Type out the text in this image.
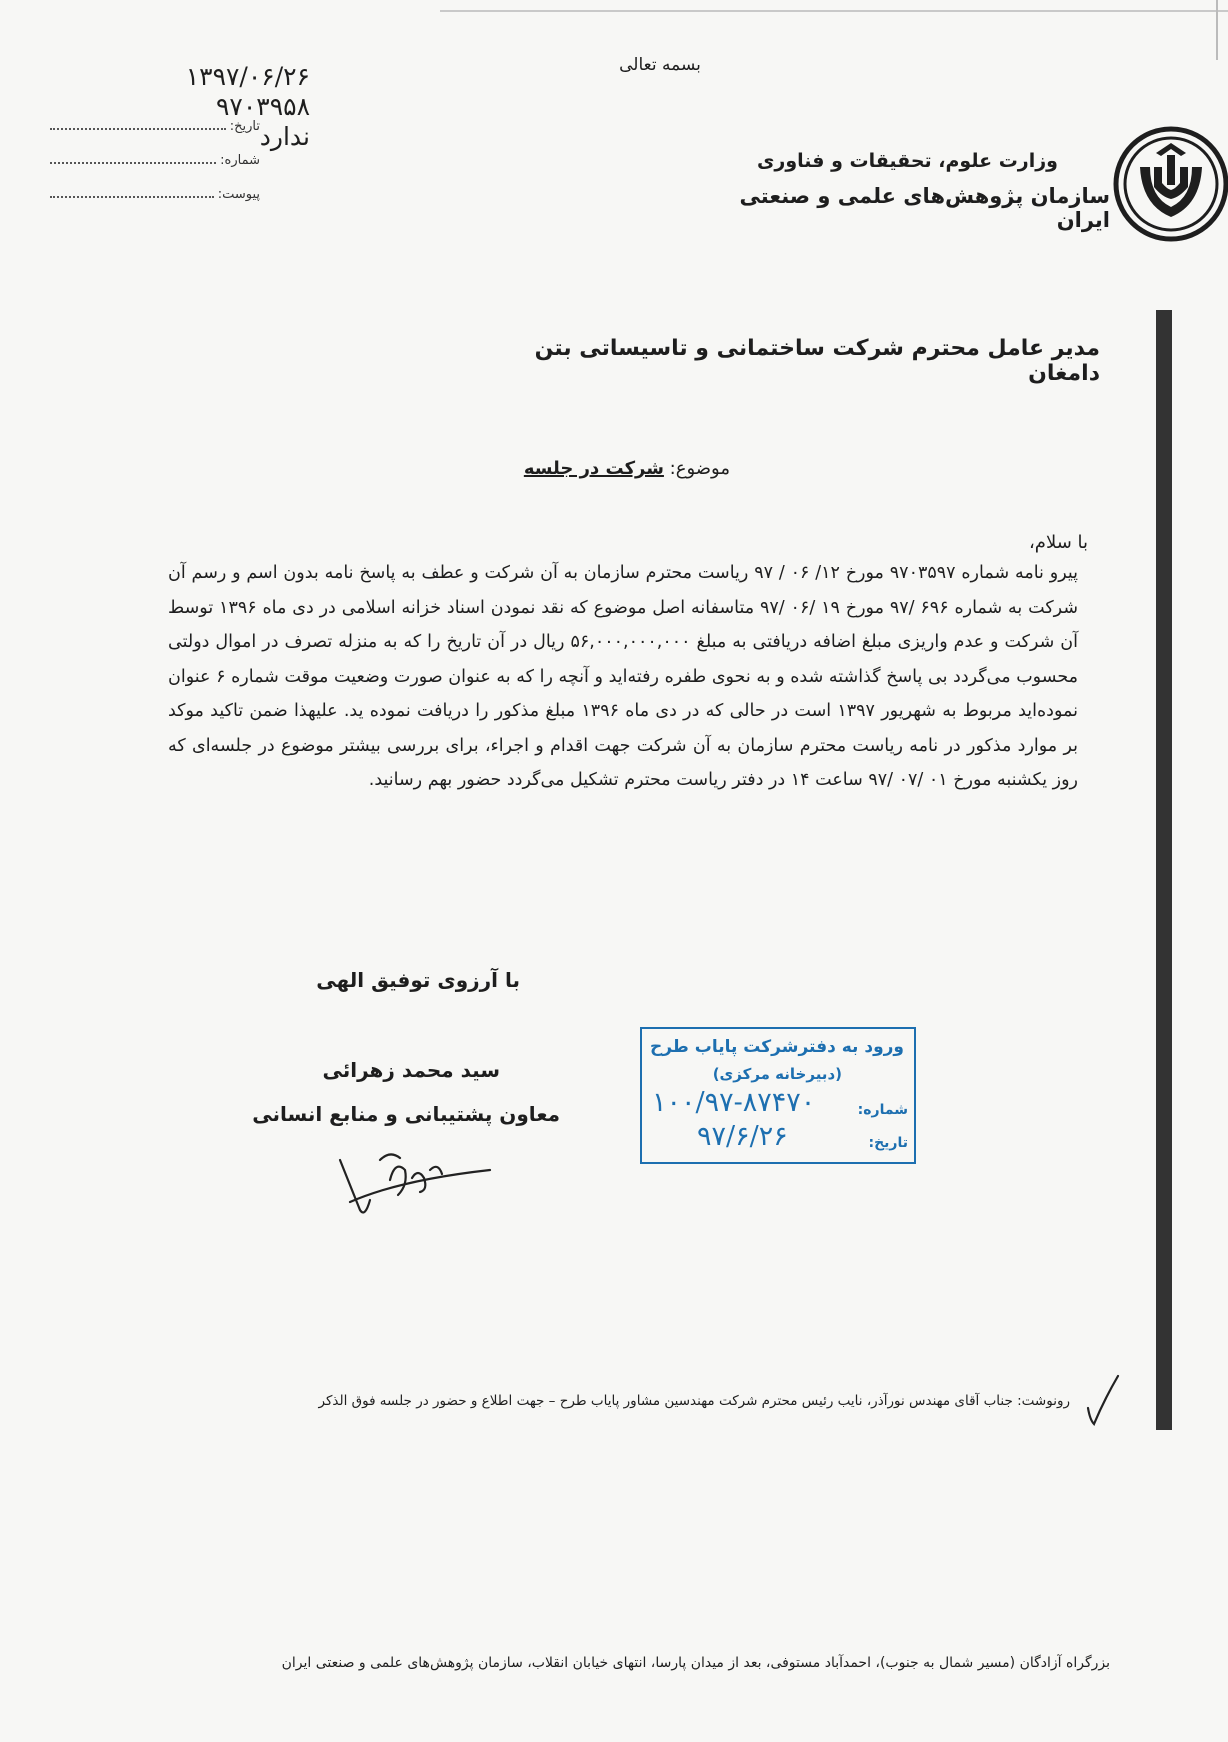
بسمه تعالی

وزارت علوم، تحقیقات و فناوری

سازمان پژوهش‌های علمی و صنعتی ایران

۱۳۹۷/۰۶/۲۶
۹۷۰۳۹۵۸
ندارد
تاریخ:
شماره:
پیوست:
مدیر عامل محترم شرکت ساختمانی و تاسیساتی بتن دامغان
موضوع: شرکت در جلسه
با سلام،
پیرو نامه شماره ۹۷۰۳۵۹۷ مورخ ۱۲/ ۰۶ / ۹۷ ریاست محترم سازمان به آن شرکت و عطف به پاسخ نامه بدون اسم و رسم آن شرکت به شماره ۶۹۶ /۹۷ مورخ ۱۹ /۰۶ /۹۷ متاسفانه اصل موضوع که نقد نمودن اسناد خزانه اسلامی در دی ماه ۱۳۹۶ توسط آن شرکت و عدم واریزی مبلغ اضافه دریافتی به مبلغ ۵۶,۰۰۰,۰۰۰,۰۰۰ ریال در آن تاریخ را که به منزله تصرف در اموال دولتی محسوب می‌گردد بی پاسخ گذاشته شده و به نحوی طفره رفته‌اید و آنچه را که به عنوان صورت وضعیت موقت شماره ۶ عنوان نموده‌اید مربوط به شهریور ۱۳۹۷ است در حالی که در دی ماه ۱۳۹۶ مبلغ مذکور را دریافت نموده ید. علیهذا ضمن تاکید موکد بر موارد مذکور در نامه ریاست محترم سازمان به آن شرکت جهت اقدام و اجراء، برای بررسی بیشتر موضوع در جلسه‌ای که روز یکشنبه مورخ ۰۱ /۰۷ /۹۷ ساعت ۱۴ در دفتر ریاست محترم تشکیل می‌گردد حضور بهم رسانید.
با آرزوی توفیق الهی
سید محمد زهرائی
معاون پشتیبانی و منابع انسانی
ورود به دفترشرکت پایاب طرح
(دبیرخانه مرکزی)
شماره:
۱۰۰/۹۷-۸۷۴۷۰
تاریخ:
۹۷/۶/۲۶
رونوشت: جناب آقای مهندس نورآذر، نایب رئیس محترم شرکت مهندسین مشاور پایاب طرح – جهت اطلاع و حضور در جلسه فوق الذکر
بزرگراه آزادگان (مسیر شمال به جنوب)، احمدآباد مستوفی، بعد از میدان پارسا، انتهای خیابان انقلاب، سازمان پژوهش‌های علمی و صنعتی ایران
